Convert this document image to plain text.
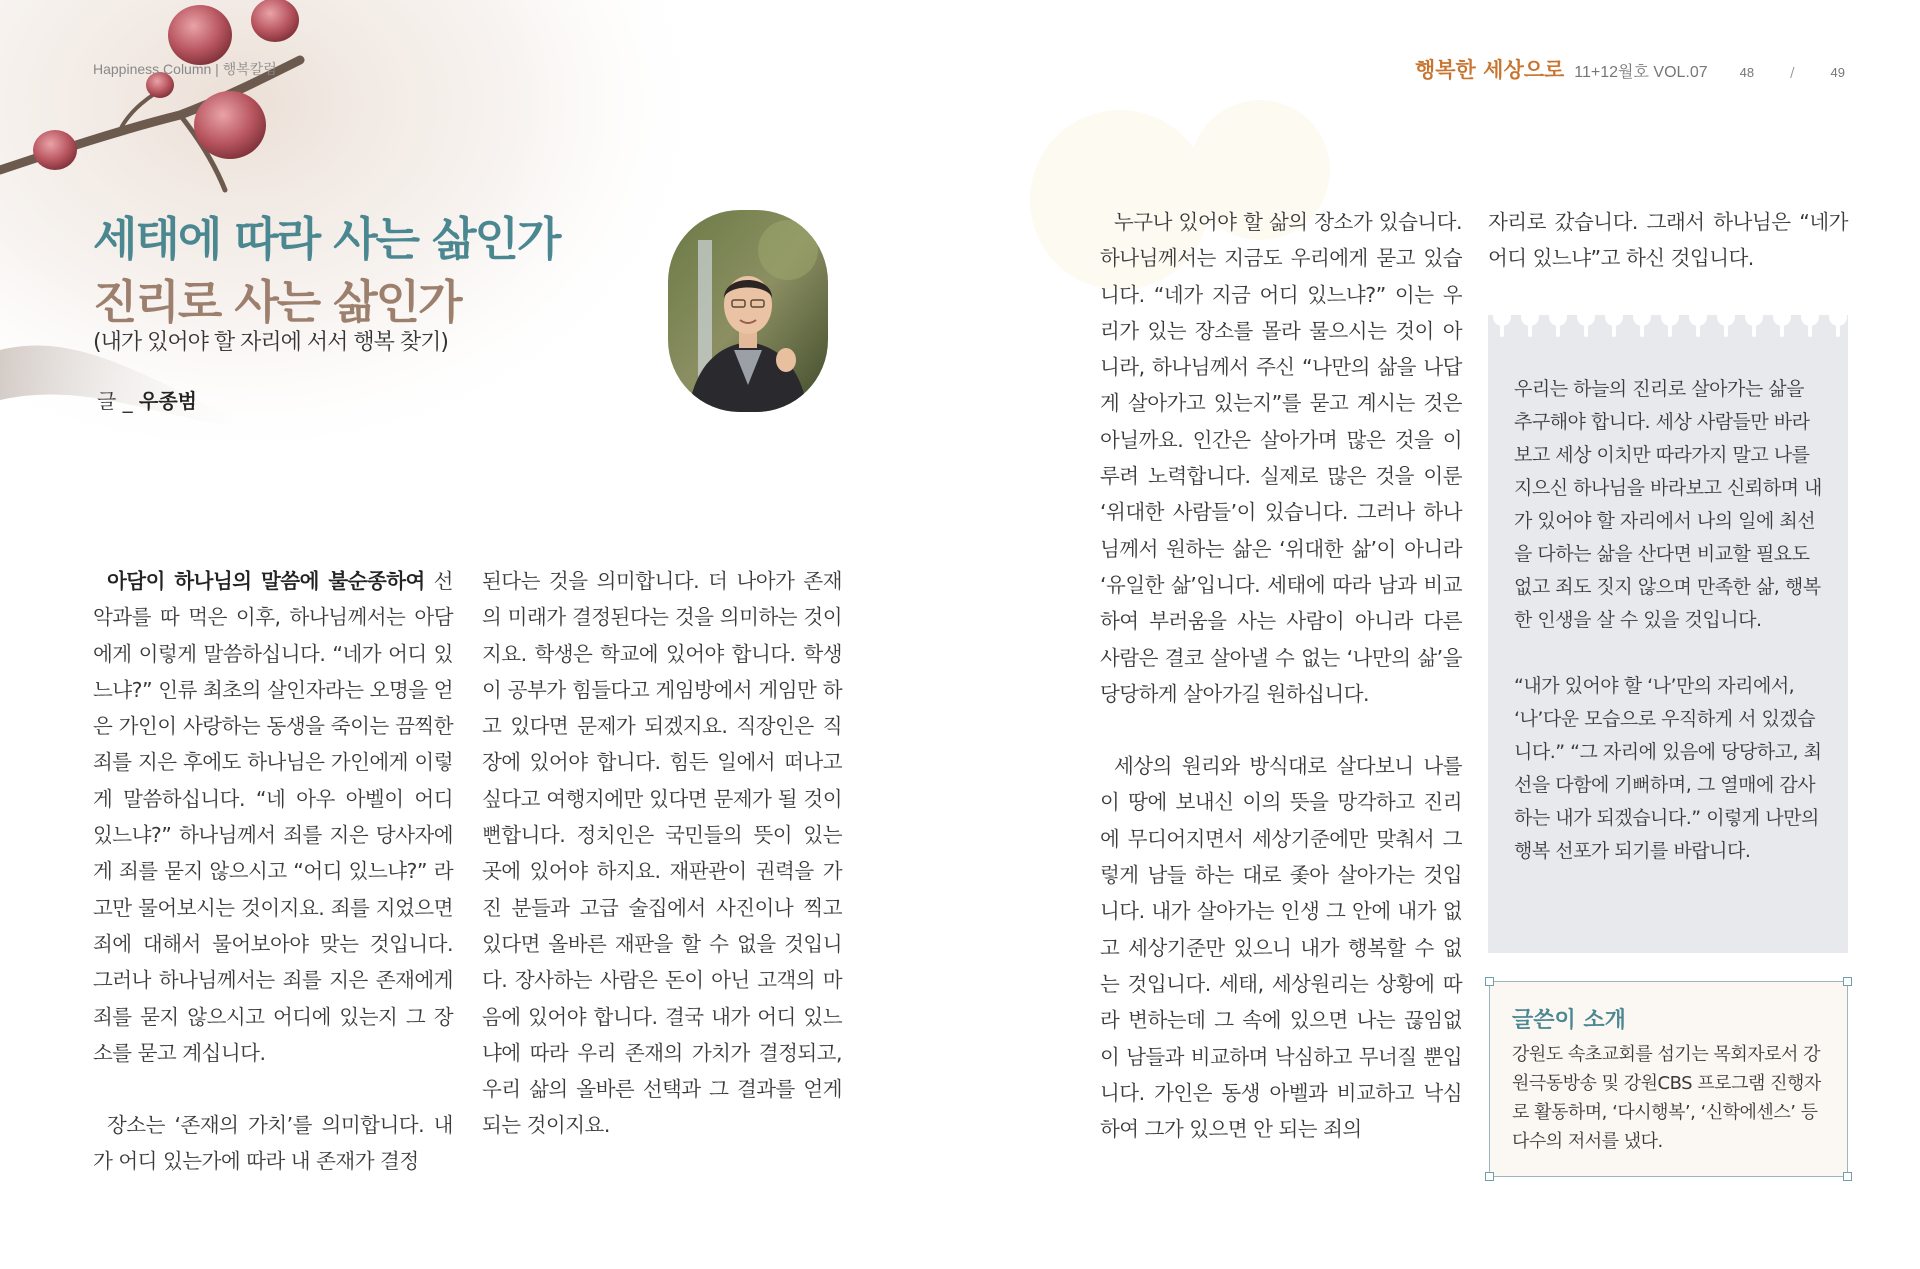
Happiness Column | 행복칼럼	행복한 세상으로 11+12월호 VOL.07 48	/	49
세태에 따라 사는 삶인가
진리로 사는 삶인가
(내가 있어야 할 자리에 서서 행복 찾기)
글 _ 우종범

아담이 하나님의 말씀에 불순종하여 선악과를 따 먹은 이후, 하나님께서는 아담에게 이렇게 말씀하십니다. “네가 어디 있느냐?” 인류 최초의 살인자라는 오명을 얻은 가인이 사랑하는 동생을 죽이는 끔찍한 죄를 지은 후에도 하나님은 가인에게 이렇게 말씀하십니다. “네 아우 아벨이 어디 있느냐?” 하나님께서 죄를 지은 당사자에게 죄를 묻지 않으시고 “어디 있느냐?” 라고만 물어보시는 것이지요. 죄를 지었으면 죄에 대해서 물어보아야 맞는 것입니다. 그러나 하나님께서는 죄를 지은 존재에게 죄를 묻지 않으시고 어디에 있는지 그 장소를 묻고 계십니다.

장소는 ‘존재의 가치’를 의미합니다. 내가 어디 있는가에 따라 내 존재가 결정

된다는 것을 의미합니다. 더 나아가 존재의 미래가 결정된다는 것을 의미하는 것이지요. 학생은 학교에 있어야 합니다. 학생이 공부가 힘들다고 게임방에서 게임만 하고 있다면 문제가 되겠지요. 직장인은 직장에 있어야 합니다. 힘든 일에서 떠나고 싶다고 여행지에만 있다면 문제가 될 것이 뻔합니다. 정치인은 국민들의 뜻이 있는 곳에 있어야 하지요. 재판관이 권력을 가진 분들과 고급 술집에서 사진이나 찍고 있다면 올바른 재판을 할 수 없을 것입니다. 장사하는 사람은 돈이 아닌 고객의 마음에 있어야 합니다. 결국 내가 어디 있느냐에 따라 우리 존재의 가치가 결정되고, 우리 삶의 올바른 선택과 그 결과를 얻게 되는 것이지요.

누구나 있어야 할 삶의 장소가 있습니다. 하나님께서는 지금도 우리에게 묻고 있습니다. “네가 지금 어디 있느냐?” 이는 우리가 있는 장소를 몰라 물으시는 것이 아니라, 하나님께서 주신 “나만의 삶을 나답게 살아가고 있는지”를 묻고 계시는 것은 아닐까요. 인간은 살아가며 많은 것을 이루려 노력합니다. 실제로 많은 것을 이룬 ‘위대한 사람들’이 있습니다. 그러나 하나님께서 원하는 삶은 ‘위대한 삶’이 아니라 ‘유일한 삶’입니다. 세태에 따라 남과 비교하여 부러움을 사는 사람이 아니라 다른 사람은 결코 살아낼 수 없는 ‘나만의 삶’을 당당하게 살아가길 원하십니다.

세상의 원리와 방식대로 살다보니 나를 이 땅에 보내신 이의 뜻을 망각하고 진리에 무디어지면서 세상기준에만 맞춰서 그렇게 남들 하는 대로 좇아 살아가는 것입니다. 내가 살아가는 인생 그 안에 내가 없고 세상기준만 있으니 내가 행복할 수 없는 것입니다. 세태, 세상원리는 상황에 따라 변하는데 그 속에 있으면 나는 끊임없이 남들과 비교하며 낙심하고 무너질 뿐입니다. 가인은 동생 아벨과 비교하고 낙심하여 그가 있으면 안 되는 죄의

자리로 갔습니다. 그래서 하나님은 “네가 어디 있느냐”고 하신 것입니다.

우리는 하늘의 진리로 살아가는 삶을 추구해야 합니다. 세상 사람들만 바라보고 세상 이치만 따라가지 말고 나를 지으신 하나님을 바라보고 신뢰하며 내가 있어야 할 자리에서 나의 일에 최선을 다하는 삶을 산다면 비교할 필요도 없고 죄도 짓지 않으며 만족한 삶, 행복한 인생을 살 수 있을 것입니다.

“내가 있어야 할 ‘나’만의 자리에서, ‘나’다운 모습으로 우직하게 서 있겠습니다.” “그 자리에 있음에 당당하고, 최선을 다함에 기뻐하며, 그 열매에 감사하는 내가 되겠습니다.” 이렇게 나만의 행복 선포가 되기를 바랍니다.

글쓴이 소개
강원도 속초교회를 섬기는 목회자로서 강원극동방송 및 강원CBS 프로그램 진행자로 활동하며, ‘다시행복’, ‘신학에센스’ 등 다수의 저서를 냈다.
